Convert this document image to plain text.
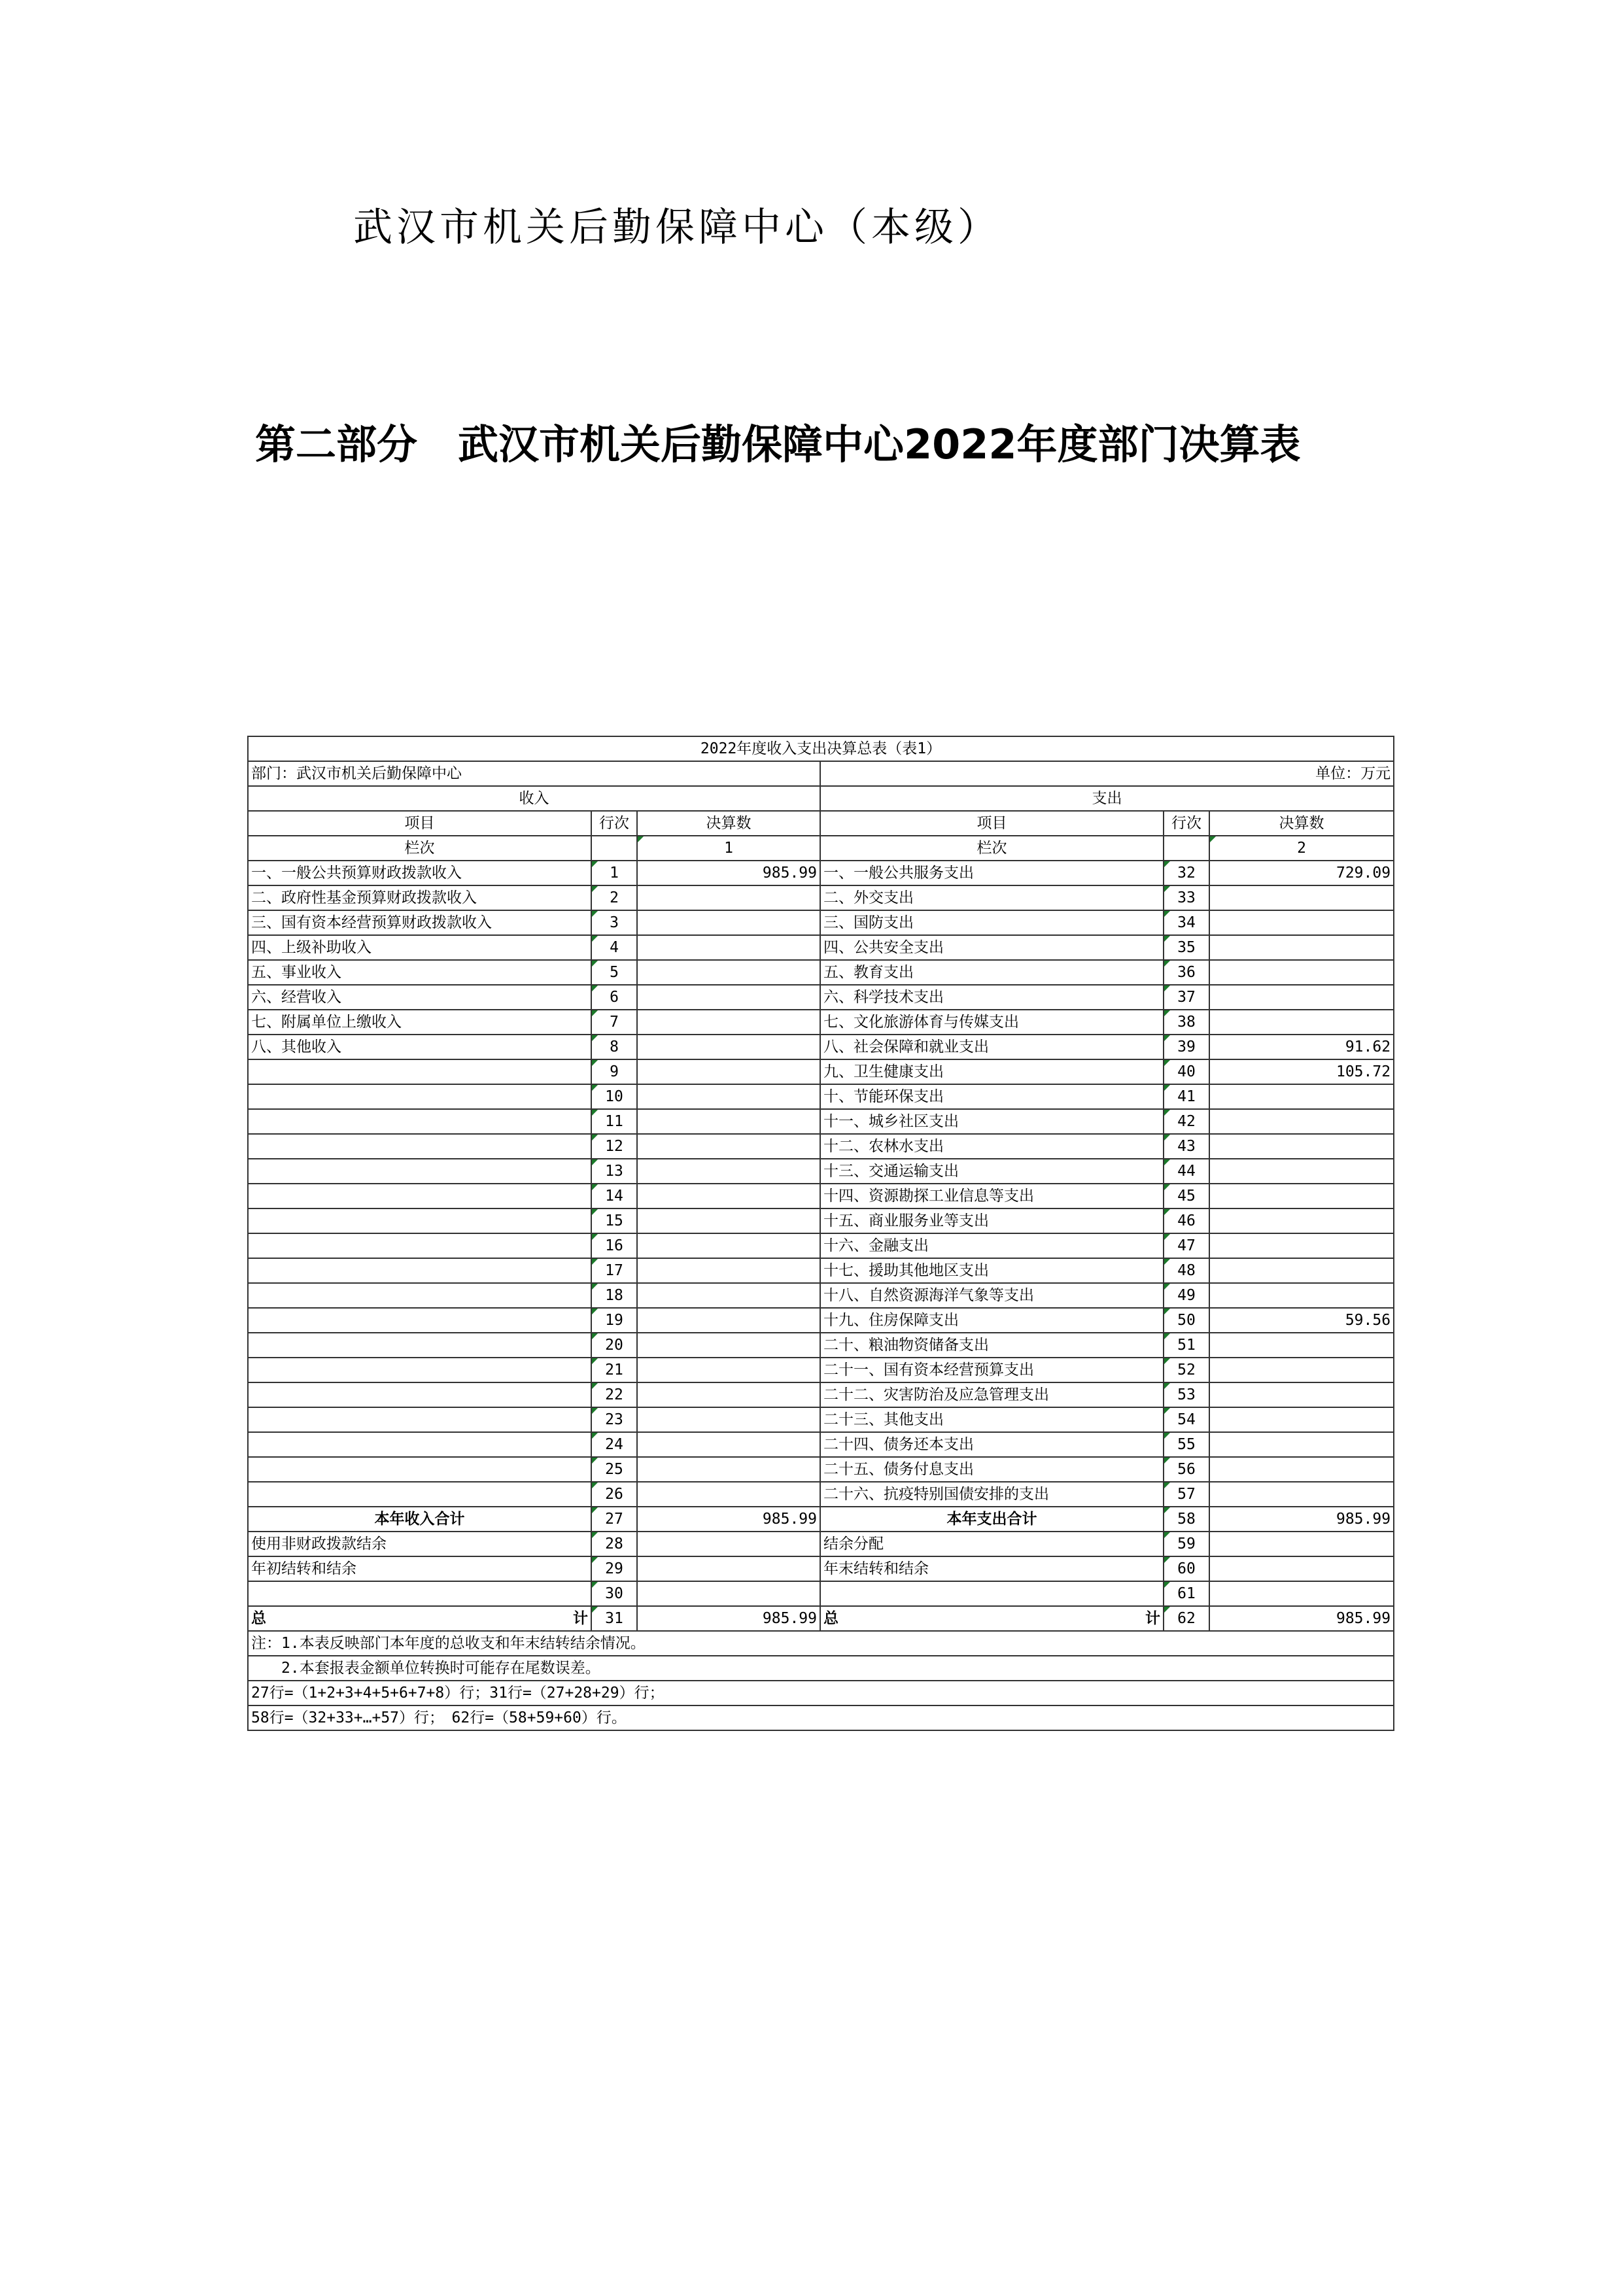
武汉市机关后勤保障中心（本级）
第二部分　武汉市机关后勤保障中心2022年度部门决算表
2022年度收入支出决算总表（表1）					
部门：武汉市机关后勤保障中心			单位：万元		
收入			支出		
项目	行次	决算数	项目	行次	决算数
栏次		1	栏次		2
一、一般公共预算财政拨款收入	1	985.99	一、一般公共服务支出	32	729.09
二、政府性基金预算财政拨款收入	2		二、外交支出	33	
三、国有资本经营预算财政拨款收入	3		三、国防支出	34	
四、上级补助收入	4		四、公共安全支出	35	
五、事业收入	5		五、教育支出	36	
六、经营收入	6		六、科学技术支出	37	
七、附属单位上缴收入	7		七、文化旅游体育与传媒支出	38	
八、其他收入	8		八、社会保障和就业支出	39	91.62
	9		九、卫生健康支出	40	105.72
	10		十、节能环保支出	41	
	11		十一、城乡社区支出	42	
	12		十二、农林水支出	43	
	13		十三、交通运输支出	44	
	14		十四、资源勘探工业信息等支出	45	
	15		十五、商业服务业等支出	46	
	16		十六、金融支出	47	
	17		十七、援助其他地区支出	48	
	18		十八、自然资源海洋气象等支出	49	
	19		十九、住房保障支出	50	59.56
	20		二十、粮油物资储备支出	51	
	21		二十一、国有资本经营预算支出	52	
	22		二十二、灾害防治及应急管理支出	53	
	23		二十三、其他支出	54	
	24		二十四、债务还本支出	55	
	25		二十五、债务付息支出	56	
	26		二十六、抗疫特别国债安排的支出	57	
本年收入合计	27	985.99	本年支出合计	58	985.99
使用非财政拨款结余	28		结余分配	59	
年初结转和结余	29		年末结转和结余	60	
	30			61	

总 计	31	985.99	总 计	62	985.99
注：1.本表反映部门本年度的总收支和年末结转结余情况。					
　　2.本套报表金额单位转换时可能存在尾数误差。					
27行=（1+2+3+4+5+6+7+8）行；31行=（27+28+29）行；					
58行=（32+33+…+57）行；　62行=（58+59+60）行。					
